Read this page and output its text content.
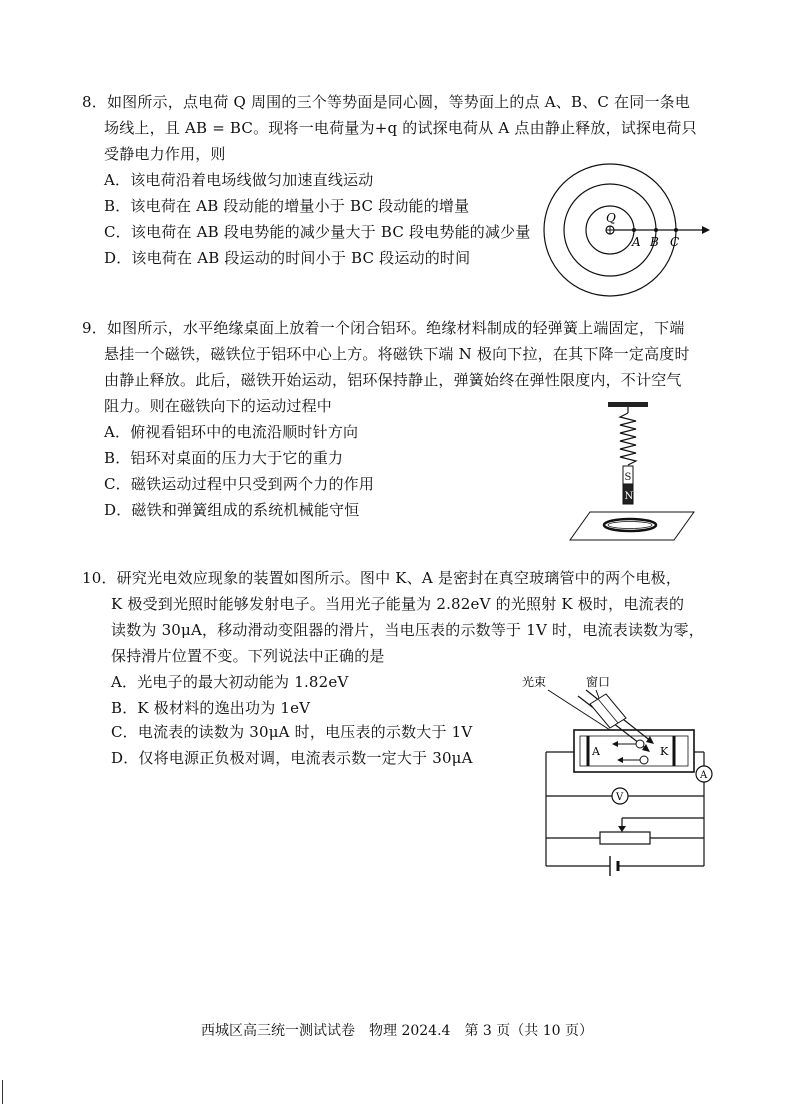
8．如图所示，点电荷 Q 周围的三个等势面是同心圆，等势面上的点 A、B、C 在同一条电
场线上，且 AB = BC。现将一电荷量为+q 的试探电荷从 A 点由静止释放，试探电荷只
受静电力作用，则
A．该电荷沿着电场线做匀加速直线运动
B．该电荷在 AB 段动能的增量小于 BC 段动能的增量
C．该电荷在 AB 段电势能的减少量大于 BC 段电势能的减少量
D．该电荷在 AB 段运动的时间小于 BC 段运动的时间
Q
A B C
9．如图所示，水平绝缘桌面上放着一个闭合铝环。绝缘材料制成的轻弹簧上端固定，下端
悬挂一个磁铁，磁铁位于铝环中心上方。将磁铁下端 N 极向下拉，在其下降一定高度时
由静止释放。此后，磁铁开始运动，铝环保持静止，弹簧始终在弹性限度内，不计空气
阻力。则在磁铁向下的运动过程中
A．俯视看铝环中的电流沿顺时针方向
B．铝环对桌面的压力大于它的重力
C．磁铁运动过程中只受到两个力的作用
D．磁铁和弹簧组成的系统机械能守恒
S
N
10．研究光电效应现象的装置如图所示。图中 K、A 是密封在真空玻璃管中的两个电极，
K 极受到光照时能够发射电子。当用光子能量为 2.82eV 的光照射 K 极时，电流表的
读数为 30μA，移动滑动变阻器的滑片，当电压表的示数等于 1V 时，电流表读数为零，
保持滑片位置不变。下列说法中正确的是
A．光电子的最大初动能为 1.82eV
B．K 极材料的逸出功为 1eV
C．电流表的读数为 30μA 时，电压表的示数大于 1V
D．仅将电源正负极对调，电流表示数一定大于 30μA
光束	窗口
A	K
A
V
西城区高三统一测试试卷　物理 2024.4　第 3 页（共 10 页）
